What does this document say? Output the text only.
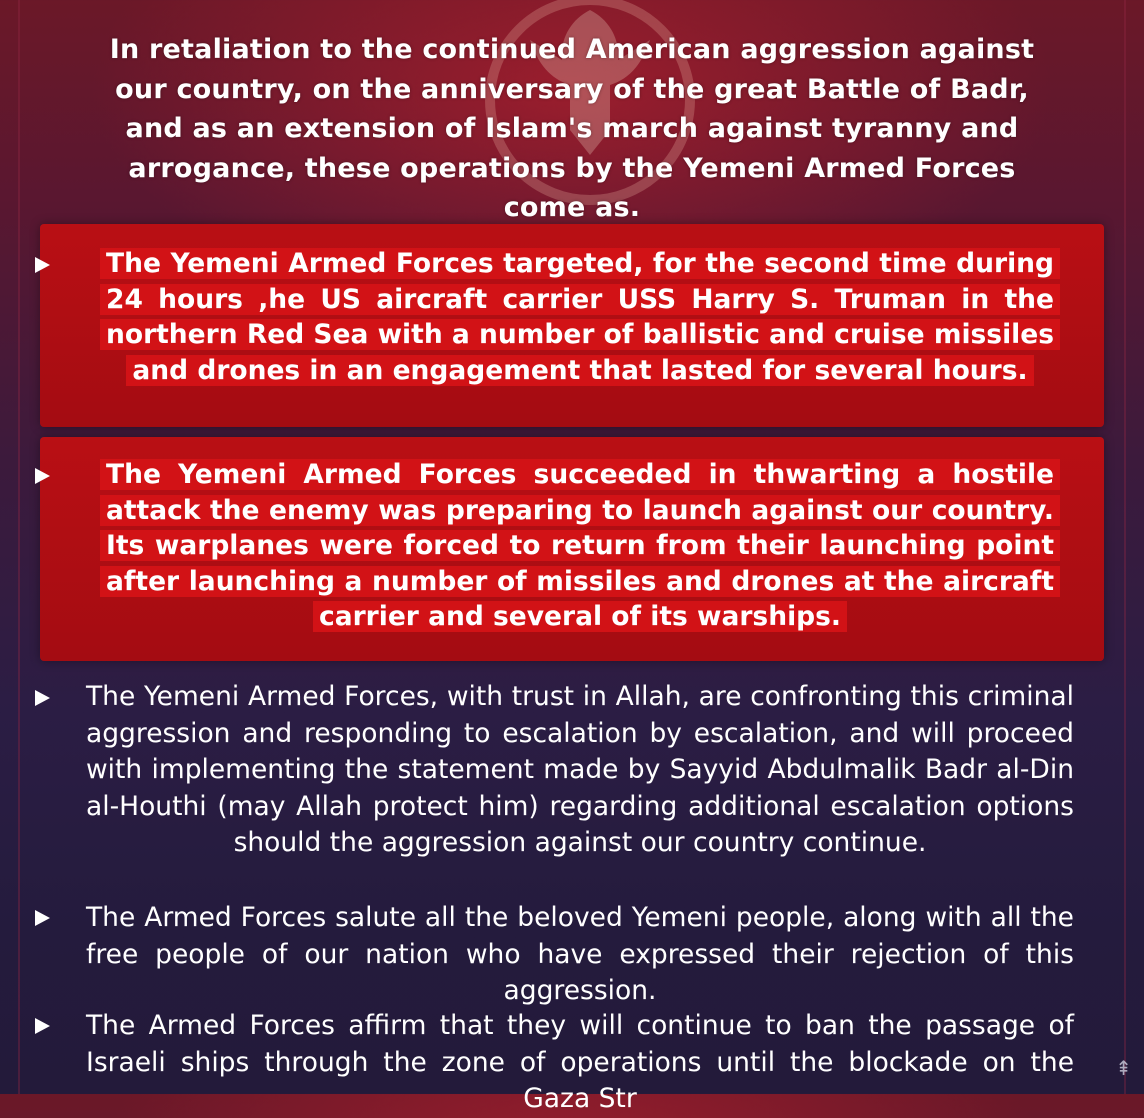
In retaliation to the continued American aggression against our country, on the anniversary of the great Battle of Badr, and as an extension of Islam's march against tyranny and arrogance, these operations by the Yemeni Armed Forces come as.
The Yemeni Armed Forces targeted, for the second time during 24 hours ,he US aircraft carrier USS Harry S. Truman in the northern Red Sea with a number of ballistic and cruise missiles and drones in an engagement that lasted for several hours.
The Yemeni Armed Forces succeeded in thwarting a hostile attack the enemy was preparing to launch against our country. Its warplanes were forced to return from their launching point after launching a number of missiles and drones at the aircraft carrier and several of its warships.
The Yemeni Armed Forces, with trust in Allah, are confronting this criminal aggression and responding to escalation by escalation, and will proceed with implementing the statement made by Sayyid Abdulmalik Badr al-Din al-Houthi (may Allah protect him) regarding additional escalation options should the aggression against our country continue.
The Armed Forces salute all the beloved Yemeni people, along with all the free people of our nation who have expressed their rejection of this aggression.
The Armed Forces affirm that they will continue to ban the passage of Israeli ships through the zone of operations until the blockade on the Gaza Str
⇞
